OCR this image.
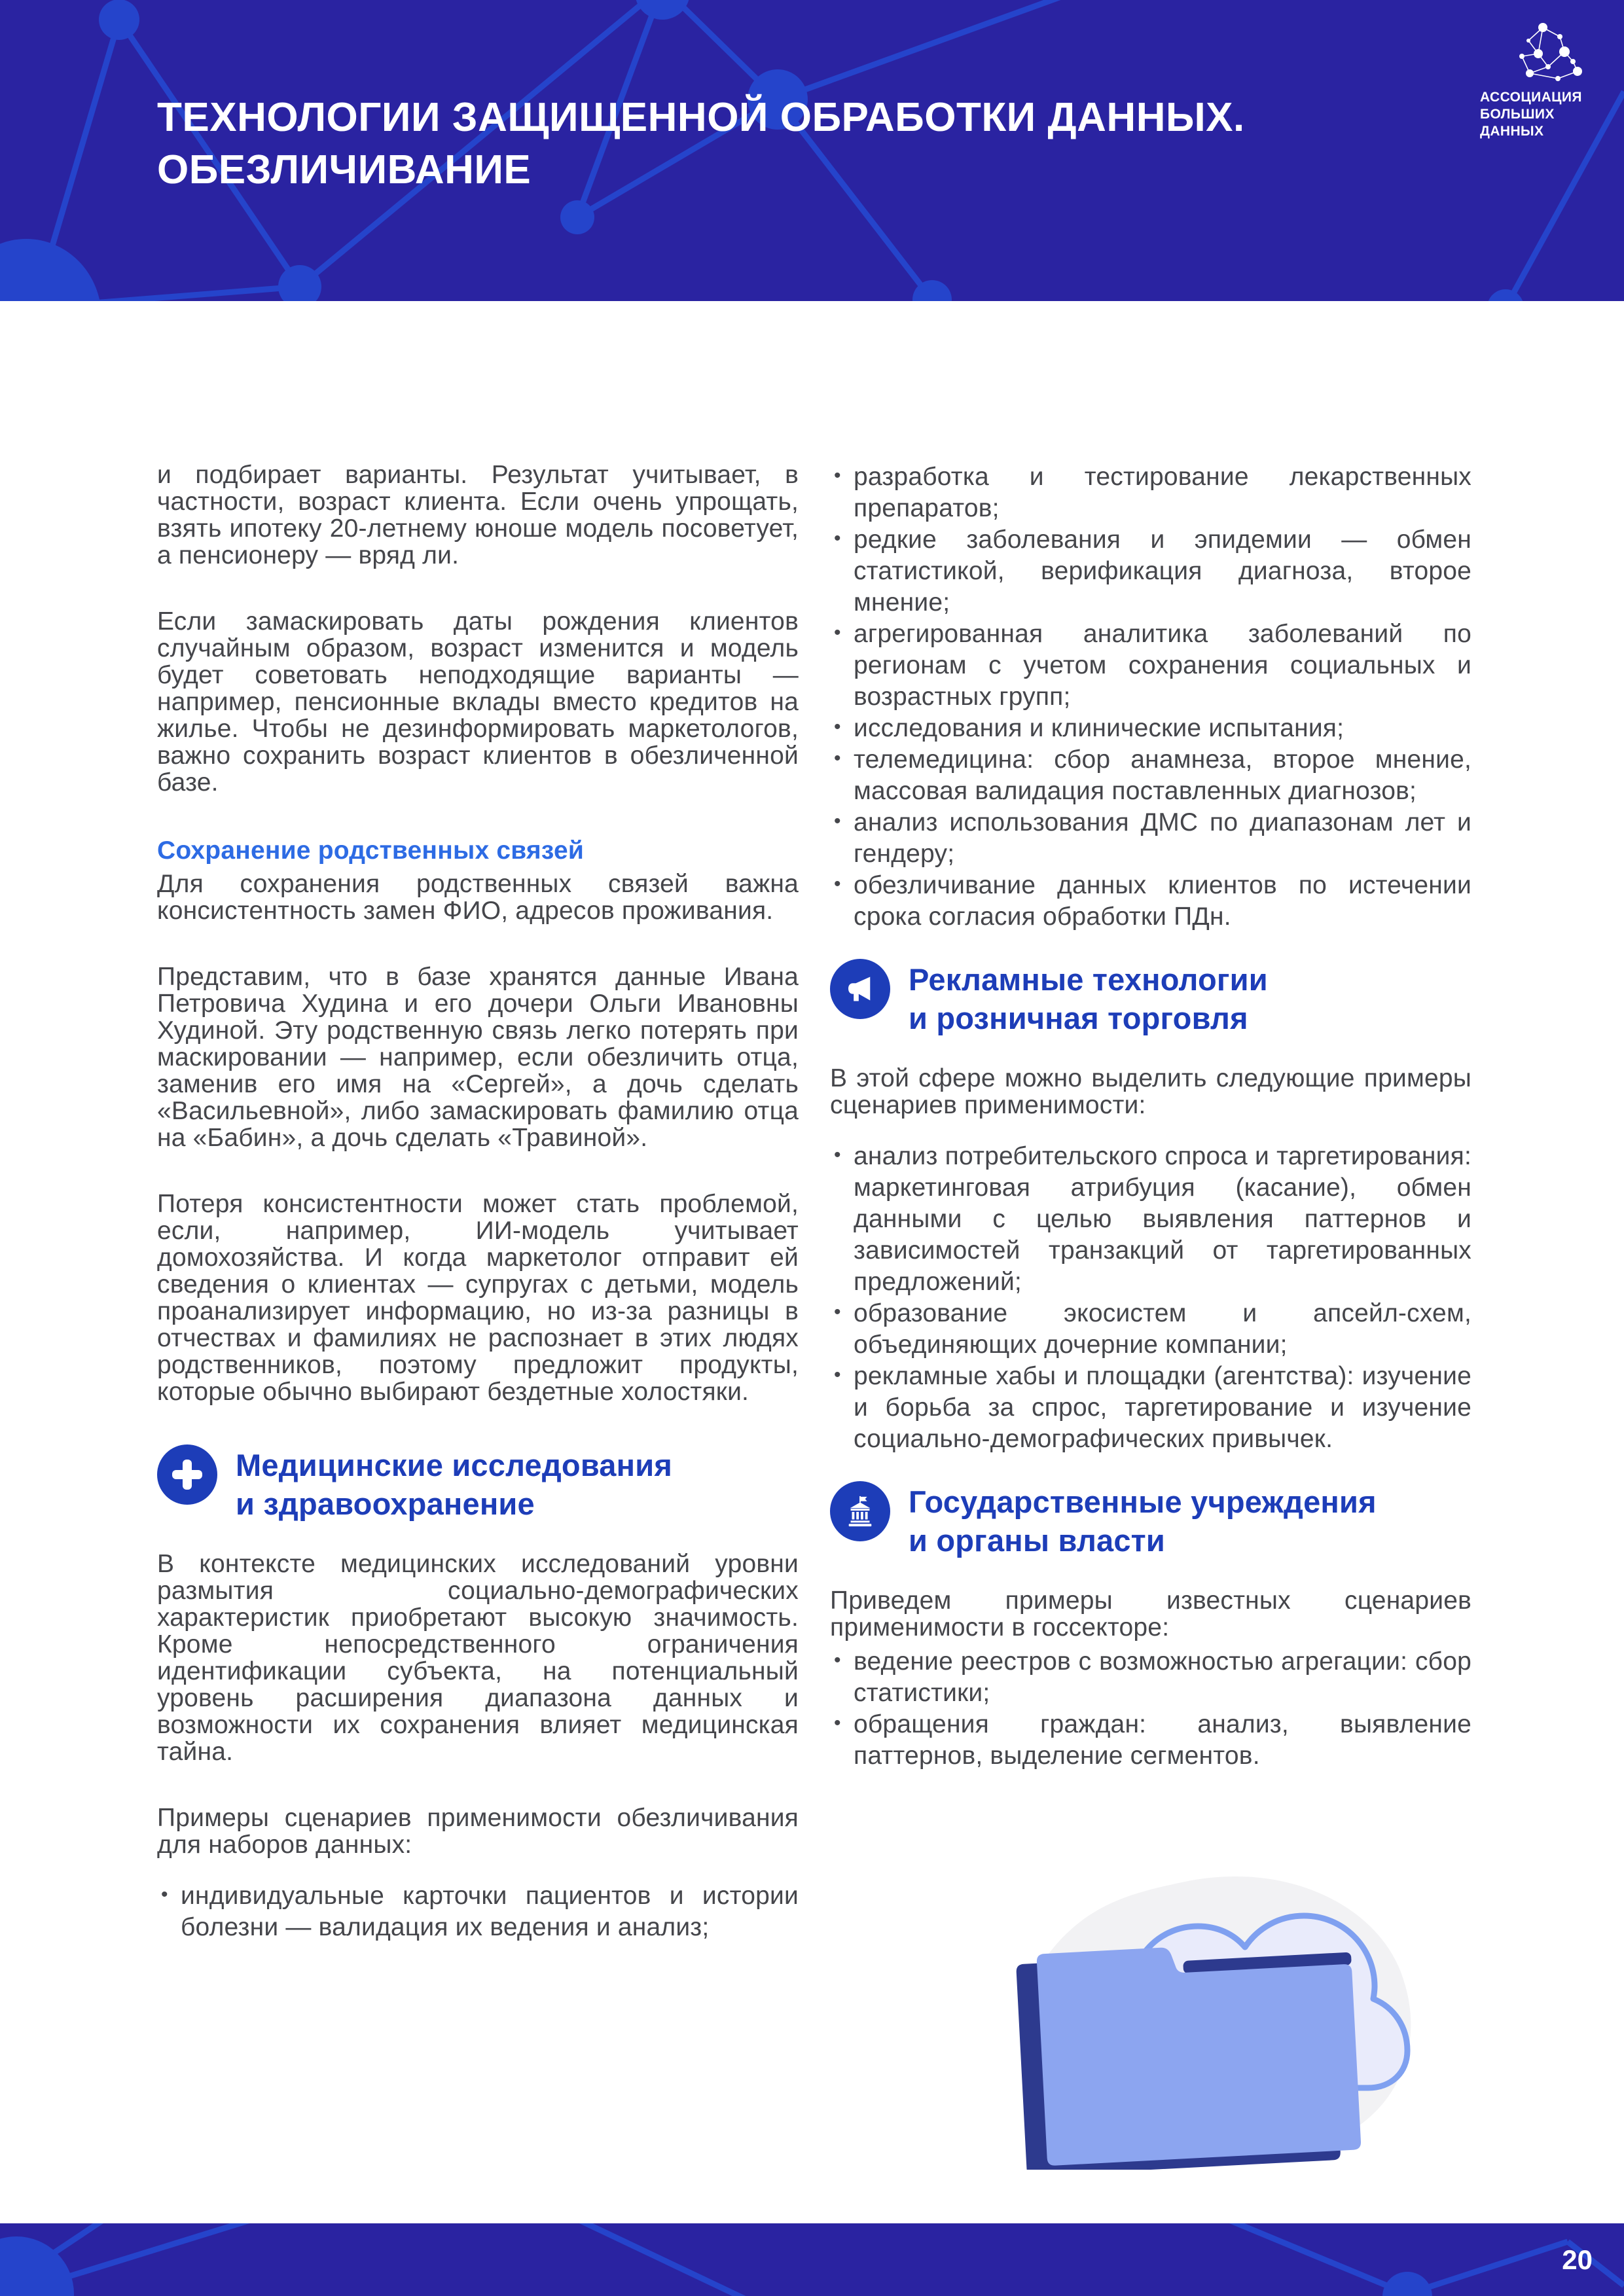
ТЕХНОЛОГИИ ЗАЩИЩЕННОЙ ОБРАБОТКИ ДАННЫХ.
ОБЕЗЛИЧИВАНИЕ
АССОЦИАЦИЯ
БОЛЬШИХ ДАННЫХ

и подбирает варианты. Результат учитывает, в частности, возраст клиента. Если очень упрощать, взять ипотеку 20-летнему юноше модель посоветует, а пенсионеру — вряд ли.

Если замаскировать даты рождения клиентов случайным образом, возраст изменится и модель будет советовать неподходящие варианты — например, пенсионные вклады вместо кредитов на жилье. Чтобы не дезинформировать маркетологов, важно сохранить возраст клиентов в обезличенной базе.

Сохранение родственных связей

Для сохранения родственных связей важна консистентность замен ФИО, адресов проживания.

Представим, что в базе хранятся данные Ивана Петровича Худина и его дочери Ольги Ивановны Худиной. Эту родственную связь легко потерять при маскировании — например, если обезличить отца, заменив его имя на «Сергей», а дочь сделать «Васильевной», либо замаскировать фамилию отца на «Бабин», а дочь сделать «Травиной».

Потеря консистентности может стать проблемой, если, например, ИИ-модель учитывает домохозяйства. И когда маркетолог отправит ей сведения о клиентах — супругах с детьми, модель проанализирует информацию, но из-за разницы в отчествах и фамилиях не распознает в этих людях родственников, поэтому предложит продукты, которые обычно выбирают бездетные холостяки.

Медицинские исследования
и здравоохранение

В контексте медицинских исследований уровни размытия социально-демографических характеристик приобретают высокую значимость. Кроме непосредственного ограничения идентификации субъекта, на потенциальный уровень расширения диапазона данных и возможности их сохранения влияет медицинская тайна.

Примеры сценариев применимости обезличивания для наборов данных:

• индивидуальные карточки пациентов и истории болезни — валидация их ведения и анализ;
• разработка и тестирование лекарственных препаратов;
• редкие заболевания и эпидемии — обмен статистикой, верификация диагноза, второе мнение;
• агрегированная аналитика заболеваний по регионам с учетом сохранения социальных и возрастных групп;
• исследования и клинические испытания;
• телемедицина: сбор анамнеза, второе мнение, массовая валидация поставленных диагнозов;
• анализ использования ДМС по диапазонам лет и гендеру;
• обезличивание данных клиентов по истечении срока согласия обработки ПДн.
Рекламные технологии
и розничная торговля

В этой сфере можно выделить следующие примеры сценариев применимости:

• анализ потребительского спроса и таргетирования: маркетинговая атрибуция (касание), обмен данными с целью выявления паттернов и зависимостей транзакций от таргетированных предложений;
• образование экосистем и апсейл-схем, объединяющих дочерние компании;
• рекламные хабы и площадки (агентства): изучение и борьба за спрос, таргетирование и изучение социально-демографических привычек.
Государственные учреждения
и органы власти

Приведем примеры известных сценариев применимости в госсекторе:

• ведение реестров с возможностью агрегации: сбор статистики;
• обращения граждан: анализ, выявление паттернов, выделение сегментов.
20
